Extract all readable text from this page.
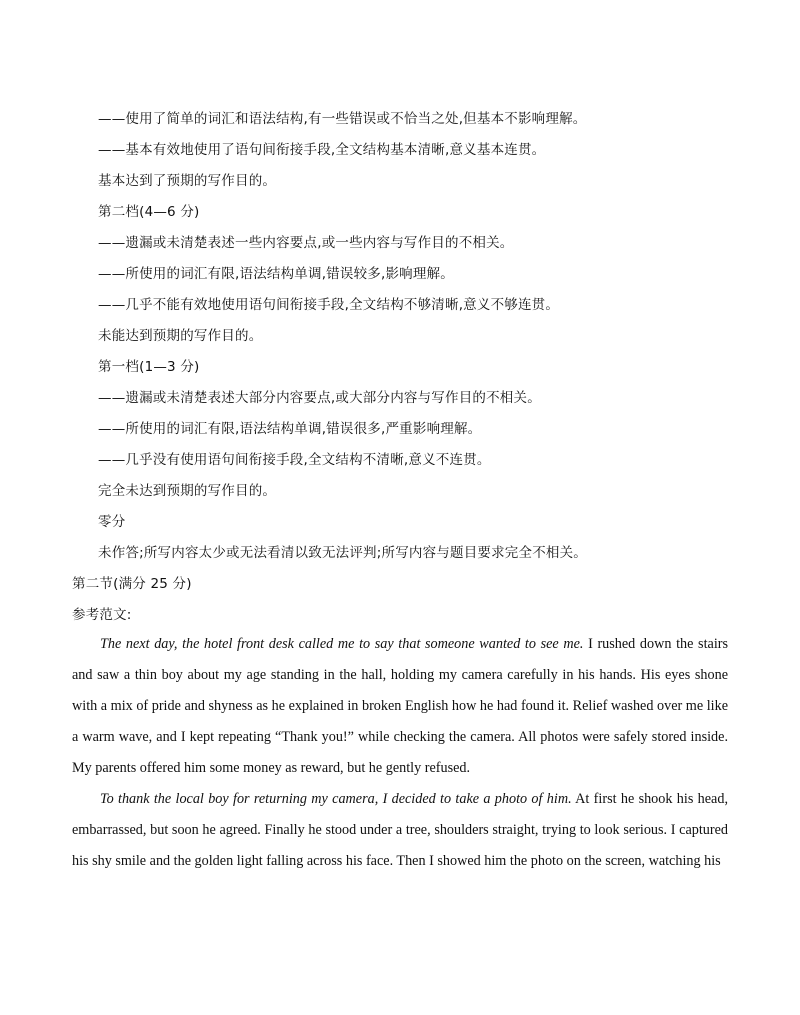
——使用了简单的词汇和语法结构,有一些错误或不恰当之处,但基本不影响理解。
——基本有效地使用了语句间衔接手段,全文结构基本清晰,意义基本连贯。
基本达到了预期的写作目的。
第二档(4—6 分)
——遗漏或未清楚表述一些内容要点,或一些内容与写作目的不相关。
——所使用的词汇有限,语法结构单调,错误较多,影响理解。
——几乎不能有效地使用语句间衔接手段,全文结构不够清晰,意义不够连贯。
未能达到预期的写作目的。
第一档(1—3 分)
——遗漏或未清楚表述大部分内容要点,或大部分内容与写作目的不相关。
——所使用的词汇有限,语法结构单调,错误很多,严重影响理解。
——几乎没有使用语句间衔接手段,全文结构不清晰,意义不连贯。
完全未达到预期的写作目的。
零分
未作答;所写内容太少或无法看清以致无法评判;所写内容与题目要求完全不相关。
第二节(满分 25 分)
参考范文:

The next day, the hotel front desk called me to say that someone wanted to see me. I rushed down the stairs and saw a thin boy about my age standing in the hall, holding my camera carefully in his hands. His eyes shone with a mix of pride and shyness as he explained in broken English how he had found it. Relief washed over me like a warm wave, and I kept repeating “Thank you!” while checking the camera. All photos were safely stored inside. My parents offered him some money as reward, but he gently refused.

To thank the local boy for returning my camera, I decided to take a photo of him. At first he shook his head, embarrassed, but soon he agreed. Finally he stood under a tree, shoulders straight, trying to look serious. I captured his shy smile and the golden light falling across his face. Then I showed him the photo on the screen, watching his
